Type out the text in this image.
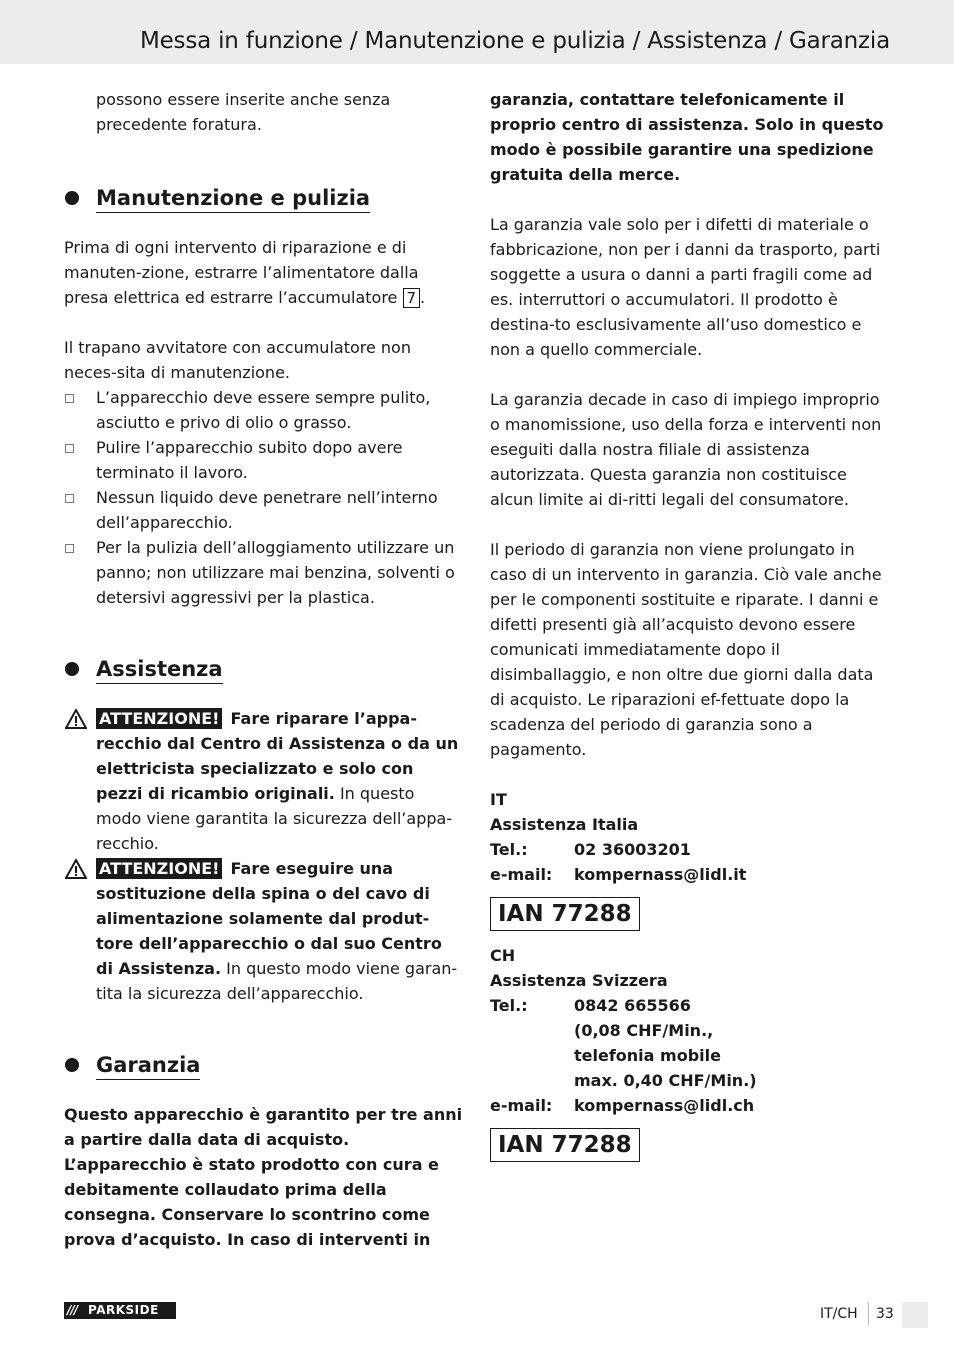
Messa in funzione / Manutenzione e pulizia / Assistenza / Garanzia

possono essere inserite anche senza precedente foratura.

Manutenzione e pulizia

Prima di ogni intervento di riparazione e di manuten-zione, estrarre l’alimentatore dalla presa elettrica ed estrarre l’accumulatore 7 .

Il trapano avvitatore con accumulatore non neces-sita di manutenzione.

L’apparecchio deve essere sempre pulito, asciutto e privo di olio o grasso.
Pulire l’apparecchio subito dopo avere terminato il lavoro.
Nessun liquido deve penetrare nell’interno dell’apparecchio.
Per la pulizia dell’alloggiamento utilizzare un panno; non utilizzare mai benzina, solventi o detersivi aggressivi per la plastica.
Assistenza
ATTENZIONE! Fare riparare l’appa-recchio dal Centro di Assistenza o da un elettricista specializzato e solo con pezzi di ricambio originali. In questo modo viene garantita la sicurezza dell’appa-recchio.
ATTENZIONE! Fare eseguire una sostituzione della spina o del cavo di alimentazione solamente dal produt-tore dell’apparecchio o dal suo Centro di Assistenza. In questo modo viene garan-tita la sicurezza dell’apparecchio.
Garanzia

Questo apparecchio è garantito per tre anni a partire dalla data di acquisto. L’apparecchio è stato prodotto con cura e debitamente collaudato prima della consegna. Conservare lo scontrino come prova d’acquisto. In caso di interventi in

garanzia, contattare telefonicamente il proprio centro di assistenza. Solo in questo modo è possibile garantire una spedizione gratuita della merce.

La garanzia vale solo per i difetti di materiale o fabbricazione, non per i danni da trasporto, parti soggette a usura o danni a parti fragili come ad es. interruttori o accumulatori. Il prodotto è destina-to esclusivamente all’uso domestico e non a quello commerciale.

La garanzia decade in caso di impiego improprio o manomissione, uso della forza e interventi non eseguiti dalla nostra filiale di assistenza autorizzata. Questa garanzia non costituisce alcun limite ai di-ritti legali del consumatore.

Il periodo di garanzia non viene prolungato in caso di un intervento in garanzia. Ciò vale anche per le componenti sostituite e riparate. I danni e difetti presenti già all’acquisto devono essere comunicati immediatamente dopo il disimballaggio, e non oltre due giorni dalla data di acquisto. Le riparazioni ef-fettuate dopo la scadenza del periodo di garanzia sono a pagamento.

IT
Assistenza Italia
Tel.:	02 36003201
e-mail:	kompernass@lidl.it
IAN 77288
CH
Assistenza Svizzera
Tel.:	0842 665566
(0,08 CHF/Min.,
telefonia mobile
max. 0,40 CHF/Min.)
e-mail:	kompernass@lidl.ch
IAN 77288
/// PARKSIDE	IT/CH 33
